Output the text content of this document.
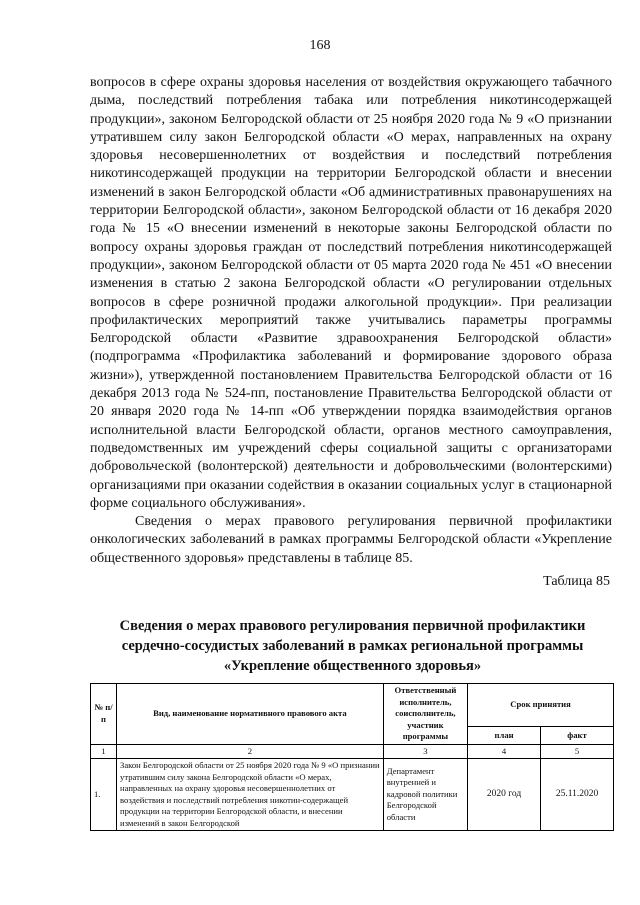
168

вопросов в сфере охраны здоровья населения от воздействия окружающего табачного дыма, последствий потребления табака или потребления никотинсодержащей продукции», законом Белгородской области от 25 ноября 2020 года № 9 «О признании утратившем силу закон Белгородской области «О мерах, направленных на охрану здоровья несовершеннолетних от воздействия и последствий потребления никотинсодержащей продукции на территории Белгородской области и внесении изменений в закон Белгородской области «Об административных правонарушениях на территории Белгородской области», законом Белгородской области от 16 декабря 2020 года № 15 «О внесении изменений в некоторые законы Белгородской области по вопросу охраны здоровья граждан от последствий потребления никотинсодержащей продукции», законом Белгородской области от 05 марта 2020 года № 451 «О внесении изменения в статью 2 закона Белгородской области «О регулировании отдельных вопросов в сфере розничной продажи алкогольной продукции». При реализации профилактических мероприятий также учитывались параметры программы Белгородской области «Развитие здравоохранения Белгородской области» (подпрограмма «Профилактика заболеваний и формирование здорового образа жизни»), утвержденной постановлением Правительства Белгородской области от 16 декабря 2013 года № 524-пп, постановление Правительства Белгородской области от 20 января 2020 года № 14-пп «Об утверждении порядка взаимодействия органов исполнительной власти Белгородской области, органов местного самоуправления, подведомственных им учреждений сферы социальной защиты с организаторами добровольческой (волонтерской) деятельности и добровольческими (волонтерскими) организациями при оказании содействия в оказании социальных услуг в стационарной форме социального обслуживания».

Сведения о мерах правового регулирования первичной профилактики онкологических заболеваний в рамках программы Белгородской области «Укрепление общественного здоровья» представлены в таблице 85.

Таблица 85
Сведения о мерах правового регулирования первичной профилактики сердечно-сосудистых заболеваний в рамках региональной программы «Укрепление общественного здоровья»
№ п/п	Вид, наименование нормативного правового акта	Ответственный исполнитель, соисполнитель, участник программы	Срок принятия	
			план	факт
1	2	3	4	5
1.	Закон Белгородской области от 25 ноября 2020 года № 9 «О признании утратившим силу закона Белгородской области «О мерах, направленных на охрану здоровья несовершеннолетних от воздействия и последствий потребления никотин-содержащей продукции на территории Белгородской области, и внесении изменений в закон Белгородской	Департамент внутренней и кадровой политики Белгородской области	2020 год	25.11.2020
